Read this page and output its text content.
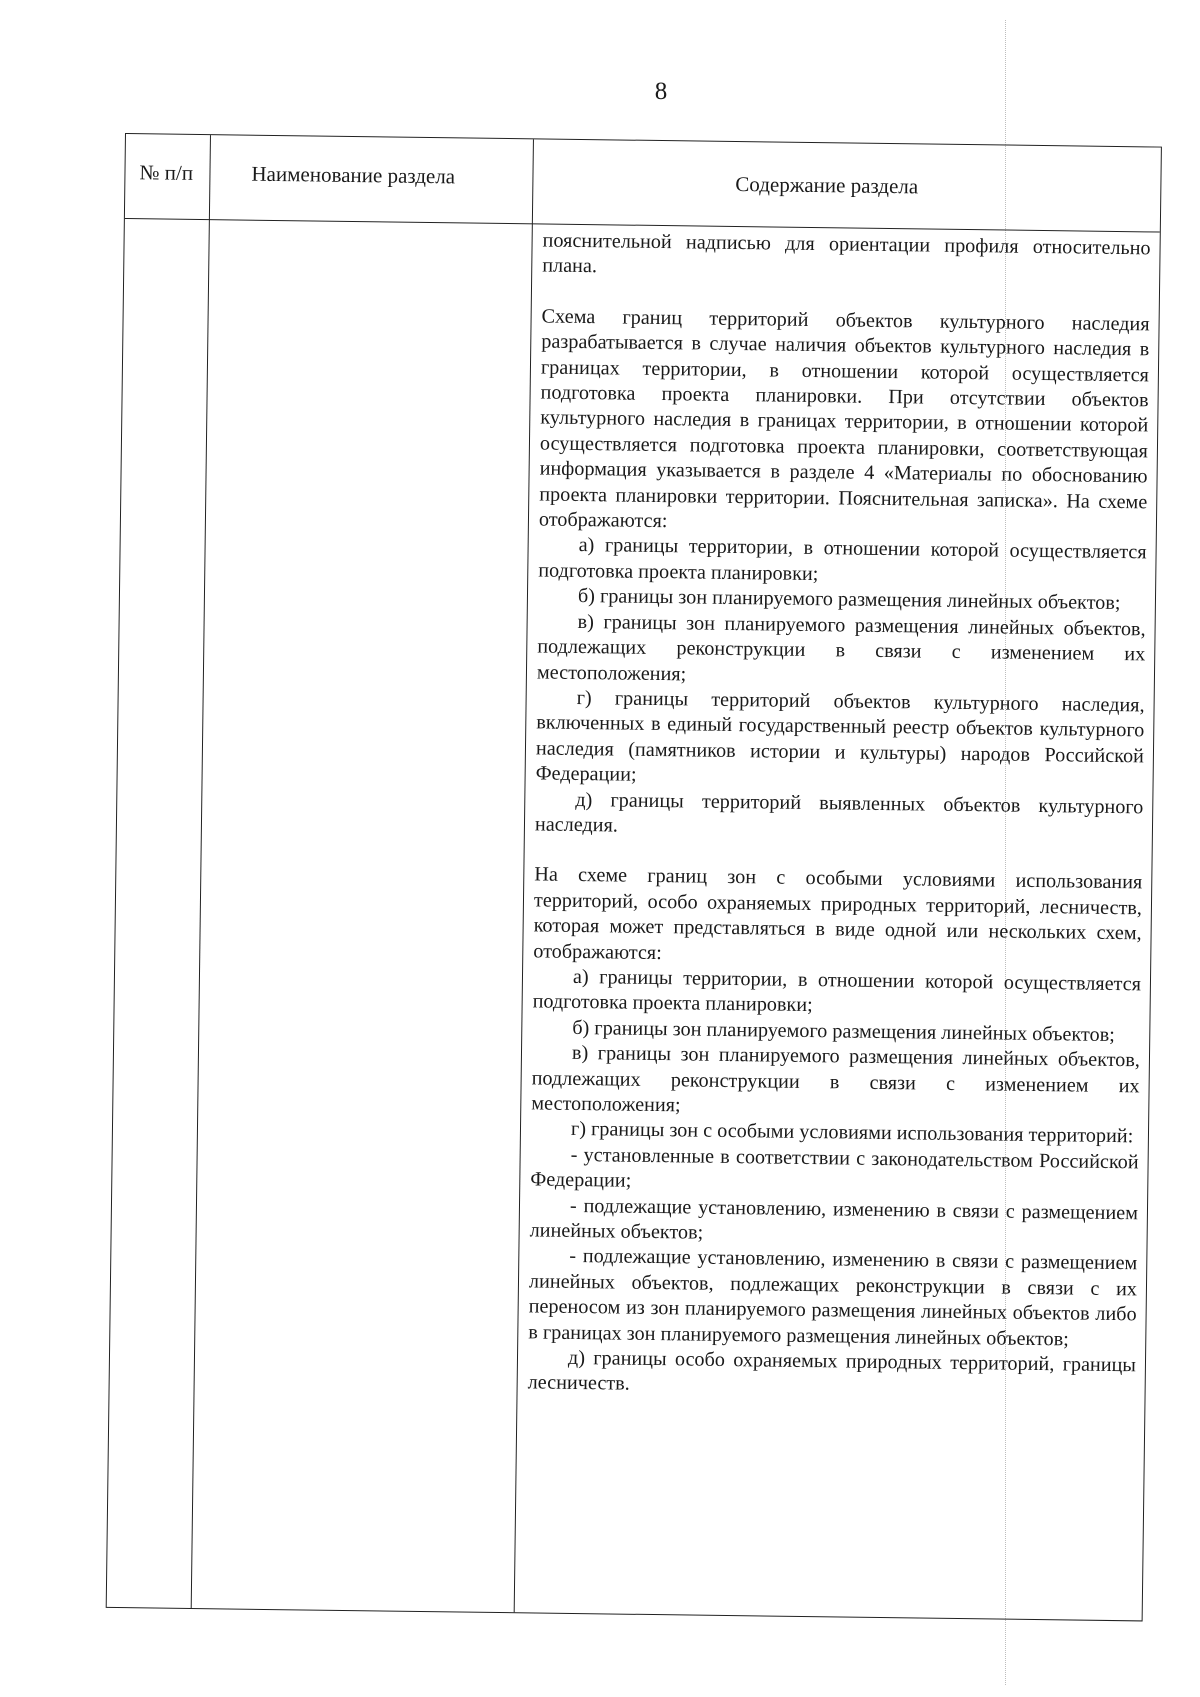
8
№ п/п	Наименование раздела	Содержание раздела

пояснительной надписью для ориентации профиля относительно плана.

Схема границ территорий объектов культурного наследия разрабатывается в случае наличия объектов культурного наследия в границах территории, в отношении которой осуществляется подготовка проекта планировки. При отсутствии объектов культурного наследия в границах территории, в отношении которой осуществляется подготовка проекта планировки, соответствующая информация указывается в разделе 4 «Материалы по обоснованию проекта планировки территории. Пояснительная записка». На схеме отображаются:

а) границы территории, в отношении которой осуществляется подготовка проекта планировки;

б) границы зон планируемого размещения линейных объектов;

в) границы зон планируемого размещения линейных объектов, подлежащих реконструкции в связи с изменением их местоположения;

г) границы территорий объектов культурного наследия, включенных в единый государственный реестр объектов культурного наследия (памятников истории и культуры) народов Российской Федерации;

д) границы территорий выявленных объектов культурного наследия.

На схеме границ зон с особыми условиями использования территорий, особо охраняемых природных территорий, лесничеств, которая может представляться в виде одной или нескольких схем, отображаются:

а) границы территории, в отношении которой осуществляется подготовка проекта планировки;

б) границы зон планируемого размещения линейных объектов;

в) границы зон планируемого размещения линейных объектов, подлежащих реконструкции в связи с изменением их местоположения;

г) границы зон с особыми условиями использования территорий:

- установленные в соответствии с законодательством Российской Федерации;

- подлежащие установлению, изменению в связи с размещением линейных объектов;

- подлежащие установлению, изменению в связи с размещением линейных объектов, подлежащих реконструкции в связи с их переносом из зон планируемого размещения линейных объектов либо в границах зон планируемого размещения линейных объектов;

д) границы особо охраняемых природных территорий, границы лесничеств.
